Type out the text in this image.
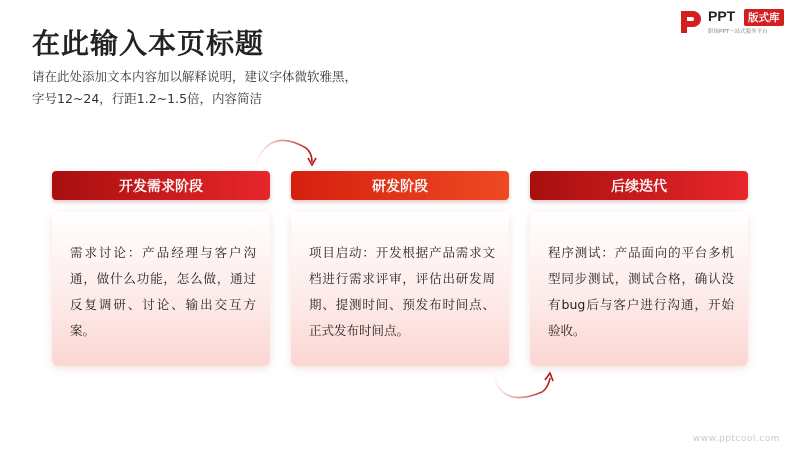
在此输入本页标题
请在此处添加文本内容加以解释说明，建议字体微软雅黑，
字号12~24，行距1.2~1.5倍，内容简洁
PPT	版式库
职场PPT一站式服务平台
开发需求阶段	研发阶段	后续迭代
需求讨论：产品经理与客户沟通，做什么功能，怎么做，通过反复调研、讨论、输出交互方案。
项目启动：开发根据产品需求文档进行需求评审，评估出研发周期、提测时间、预发布时间点、正式发布时间点。
程序测试：产品面向的平台多机型同步测试，测试合格，确认没有bug后与客户进行沟通，开始验收。
www.pptcool.com
